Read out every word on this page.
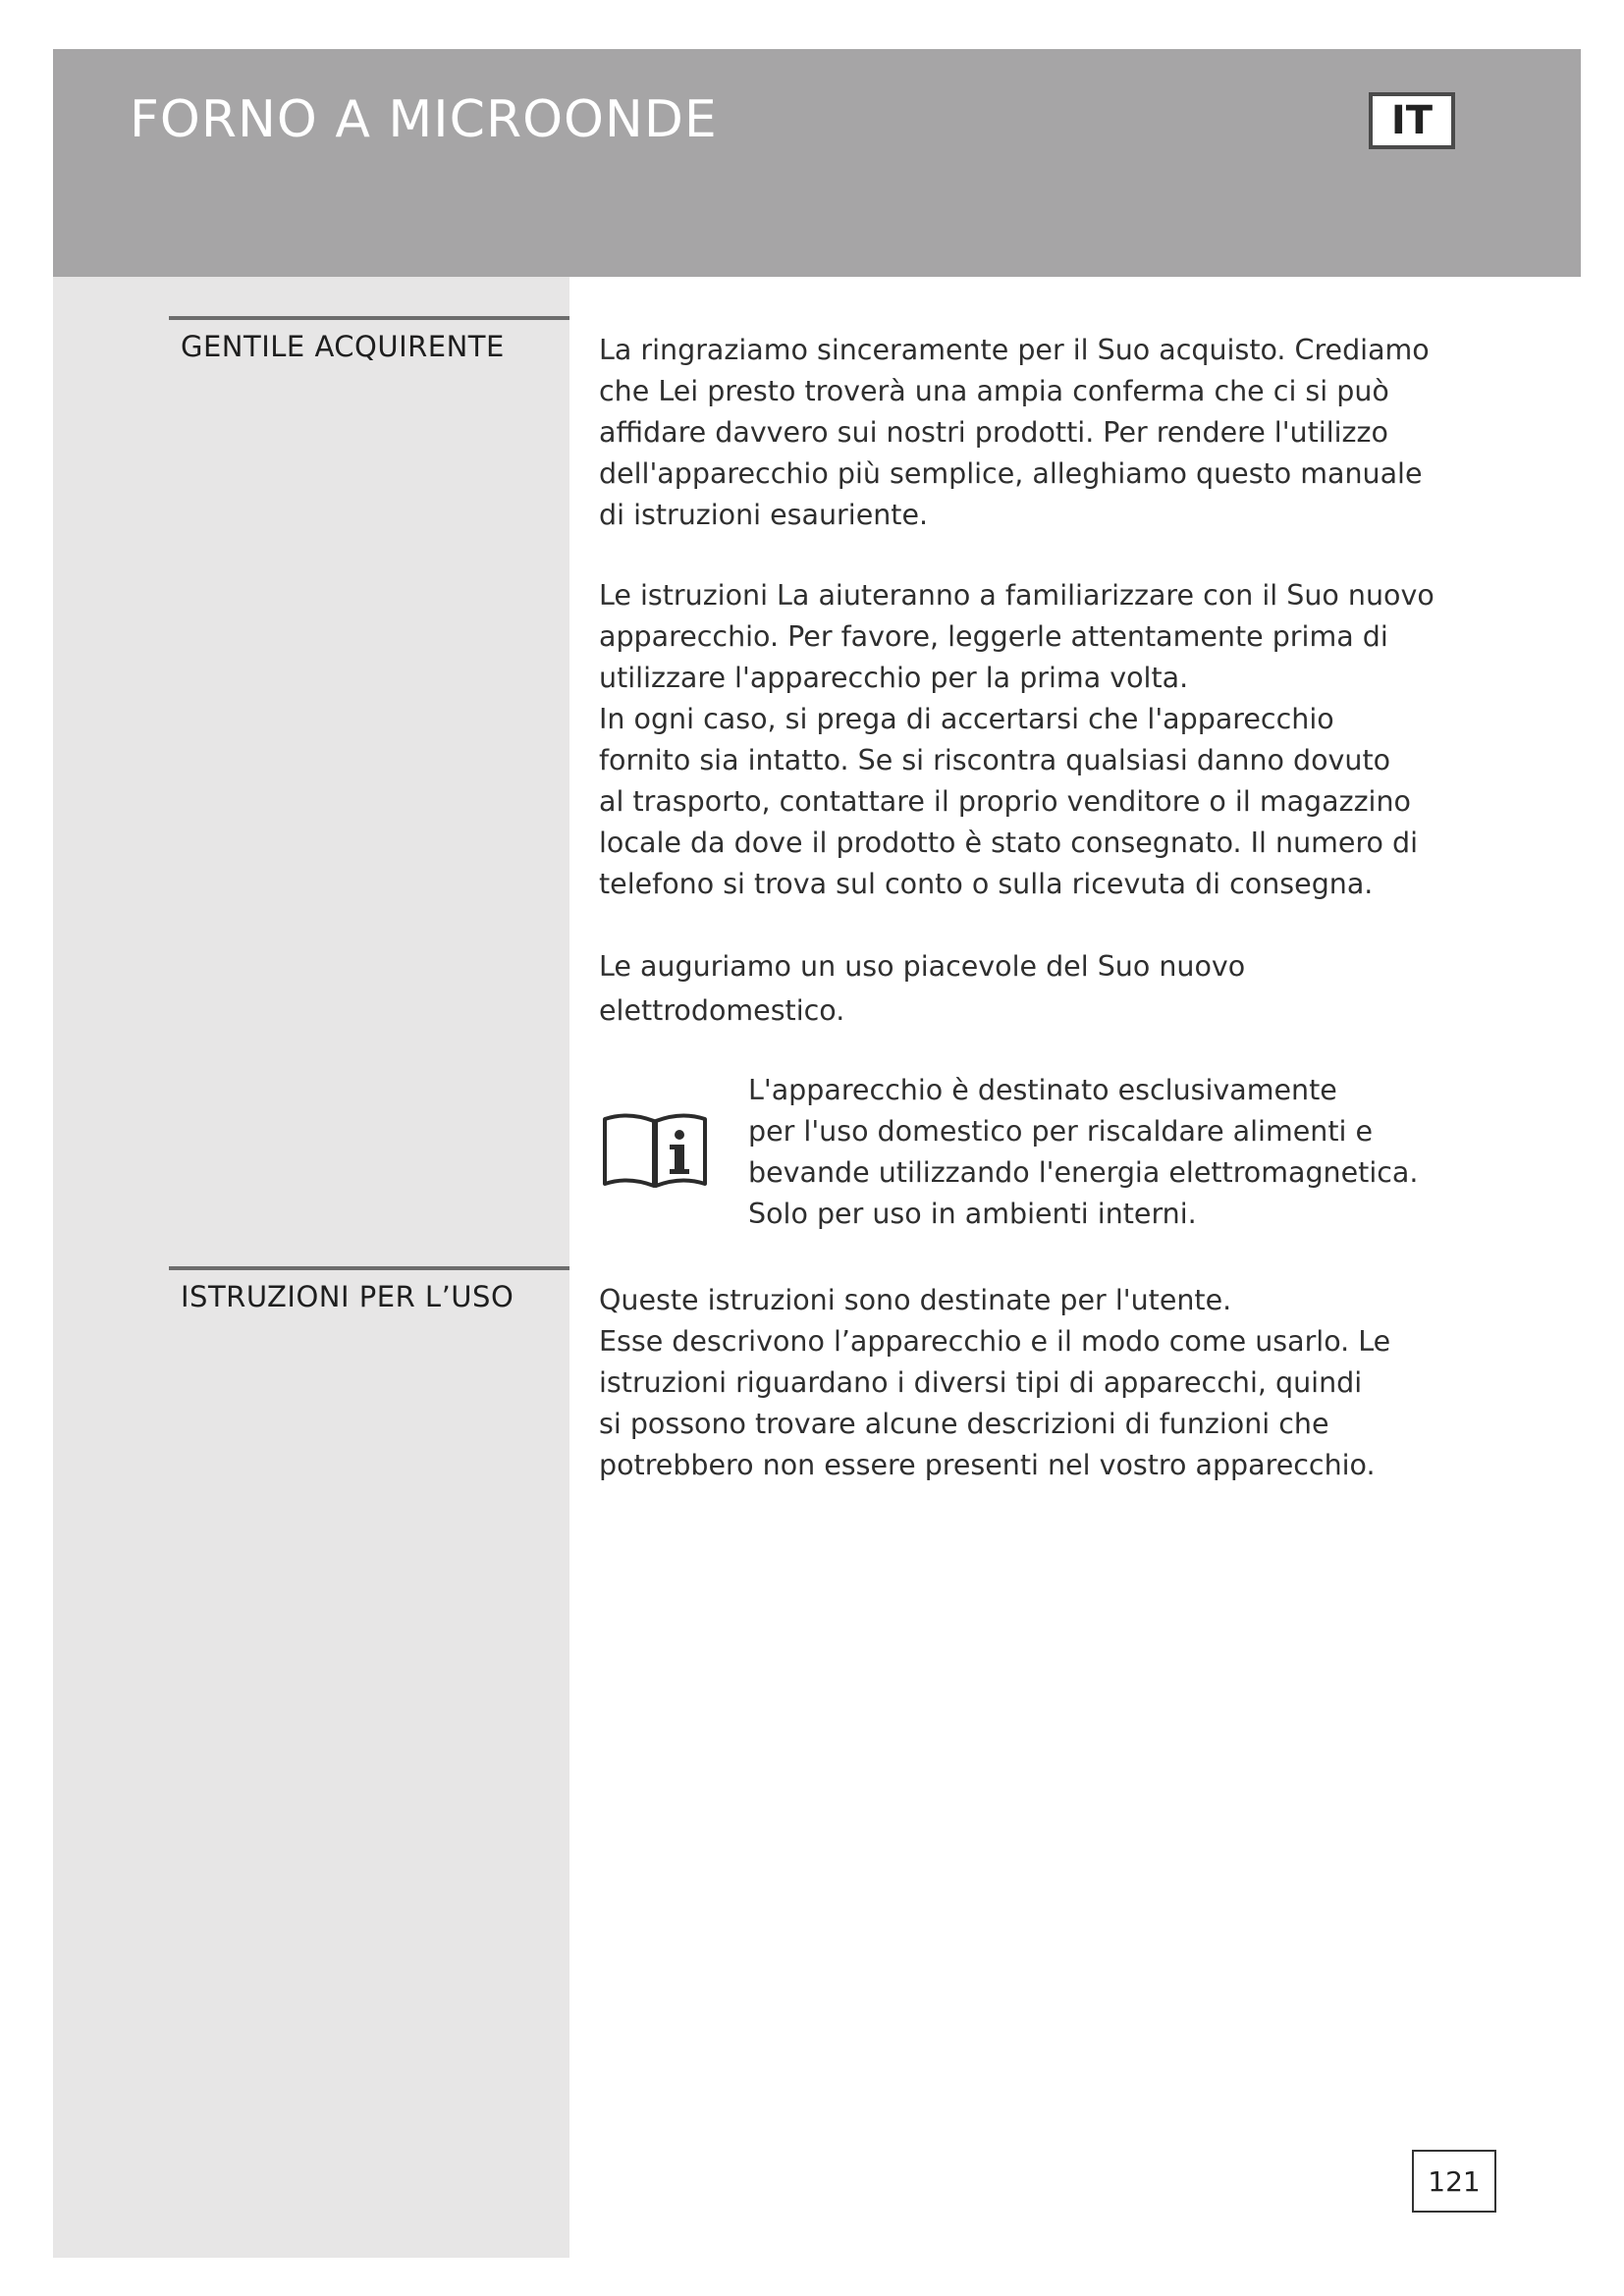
FORNO A MICROONDE	IT
GENTILE ACQUIRENTE	La ringraziamo sinceramente per il Suo acquisto. Crediamo

che Lei presto troverà una ampia conferma che ci si può

affidare davvero sui nostri prodotti. Per rendere l'utilizzo

dell'apparecchio più semplice, alleghiamo questo manuale

di istruzioni esauriente.

Le istruzioni La aiuteranno a familiarizzare con il Suo nuovo

apparecchio. Per favore, leggerle attentamente prima di

utilizzare l'apparecchio per la prima volta.

In ogni caso, si prega di accertarsi che l'apparecchio

fornito sia intatto. Se si riscontra qualsiasi danno dovuto

al trasporto, contattare il proprio venditore o il magazzino

locale da dove il prodotto è stato consegnato. Il numero di

telefono si trova sul conto o sulla ricevuta di consegna.

Le auguriamo un uso piacevole del Suo nuovo

elettrodomestico.

L'apparecchio è destinato esclusivamente

per l'uso domestico per riscaldare alimenti e

bevande utilizzando l'energia elettromagnetica.

Solo per uso in ambienti interni.

ISTRUZIONI PER L’USO	Queste istruzioni sono destinate per l'utente.

Esse descrivono l’apparecchio e il modo come usarlo. Le

istruzioni riguardano i diversi tipi di apparecchi, quindi

si possono trovare alcune descrizioni di funzioni che

potrebbero non essere presenti nel vostro apparecchio.

121
